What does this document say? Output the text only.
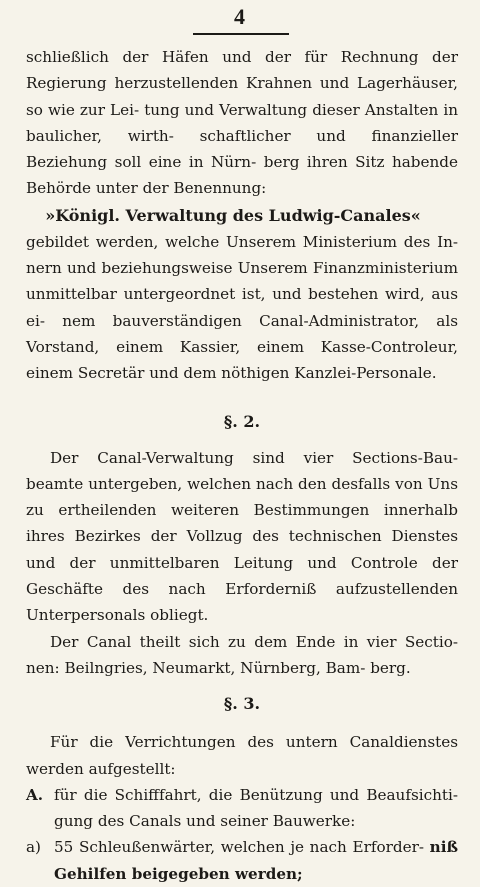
4

schließlich der Häfen und der für Rechnung der Regierung herzustellenden Krahnen und Lagerhäuser, so wie zur Lei- tung und Verwaltung dieser Anstalten in baulicher, wirth- schaftlicher und finanzieller Beziehung soll eine in Nürn- berg ihren Sitz habende Behörde unter der Benennung:

»Königl. Verwaltung des Ludwig-Canales«

gebildet werden, welche Unserem Ministerium des In- nern und beziehungsweise Unserem Finanzministerium unmittelbar untergeordnet ist, und bestehen wird, aus ei- nem bauverständigen Canal-Administrator, als Vorstand, einem Kassier, einem Kasse-Controleur, einem Secretär und dem nöthigen Kanzlei-Personale.

§. 2.

Der Canal-Verwaltung sind vier Sections-Bau- beamte untergeben, welchen nach den desfalls von Uns zu ertheilenden weiteren Bestimmungen innerhalb ihres Bezirkes der Vollzug des technischen Dienstes und der unmittelbaren Leitung und Controle der Geschäfte des nach Erforderniß aufzustellenden Unterpersonals obliegt.

Der Canal theilt sich zu dem Ende in vier Sectio- nen: Beilngries, Neumarkt, Nürnberg, Bam- berg.

§. 3.

Für die Verrichtungen des untern Canaldienstes werden aufgestellt:

A. für die Schifffahrt, die Benützung und Beaufsichti- gung des Canals und seiner Bauwerke:

a) 55 Schleußenwärter, welchen je nach Erforder- niß Gehilfen beigegeben werden;
